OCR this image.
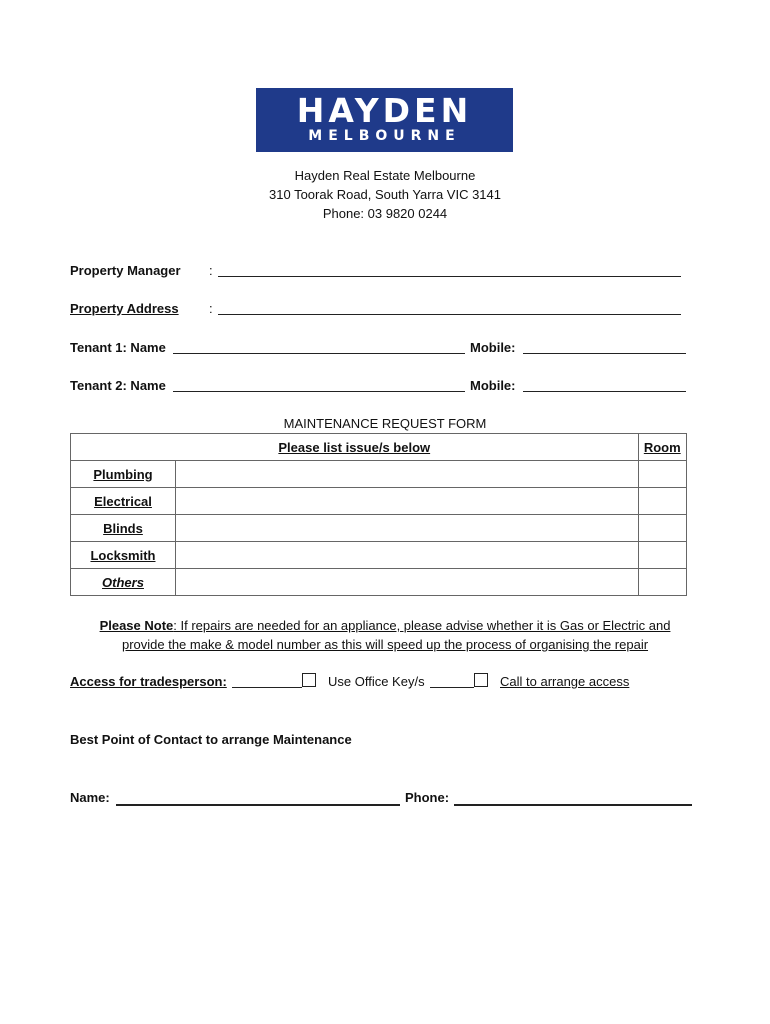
HAYDEN
MELBOURNE
Hayden Real Estate Melbourne
310 Toorak Road, South Yarra VIC 3141
Phone: 03 9820 0244
Property Manager :
Property Address :
Tenant 1: Name	Mobile:
Tenant 2: Name	Mobile:
MAINTENANCE REQUEST FORM
Please list issue/s below		Room
Plumbing		
Electrical		
Blinds		
Locksmith		
Others		
Please Note: If repairs are needed for an appliance, please advise whether it is Gas or Electric and
provide the make & model number as this will speed up the process of organising the repair
Access for tradesperson:	Use Office Key/s	Call to arrange access
Best Point of Contact to arrange Maintenance
Name:	Phone:
